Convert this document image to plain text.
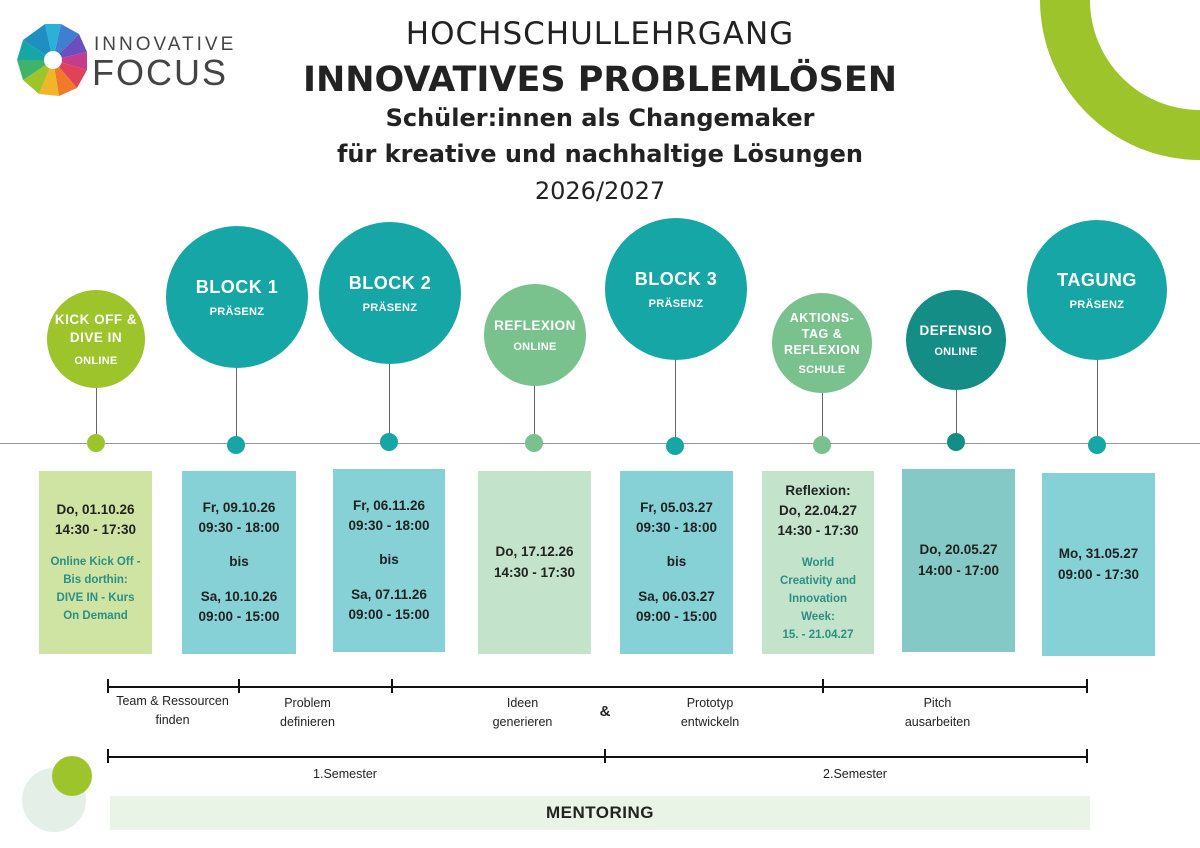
INNOVATIVE
FOCUS
HOCHSCHULLEHRGANG
INNOVATIVES PROBLEMLÖSEN
Schüler:innen als Changemaker
für kreative und nachhaltige Lösungen
2026/2027
KICK OFF & DIVE IN
ONLINE
BLOCK 1
PRÄSENZ
BLOCK 2
PRÄSENZ
REFLEXION
ONLINE
BLOCK 3
PRÄSENZ
AKTIONS-TAG & REFLEXION
SCHULE
DEFENSIO
ONLINE
TAGUNG
PRÄSENZ
Do, 01.10.26
14:30 - 17:30
Online Kick Off -
Bis dorthin:
DIVE IN - Kurs
On Demand
Fr, 09.10.26
09:30 - 18:00
bis
Sa, 10.10.26
09:00 - 15:00
Fr, 06.11.26
09:30 - 18:00
bis
Sa, 07.11.26
09:00 - 15:00
Do, 17.12.26
14:30 - 17:30
Fr, 05.03.27
09:30 - 18:00
bis
Sa, 06.03.27
09:00 - 15:00
Reflexion:
Do, 22.04.27
14:30 - 17:30
World
Creativity and
Innovation
Week:
15. - 21.04.27
Do, 20.05.27
14:00 - 17:00
Mo, 31.05.27
09:00 - 17:30
Team & Ressourcen finden
Problem definieren
Ideen generieren
&	Prototyp entwickeln
Pitch ausarbeiten
1.Semester	2.Semester
MENTORING
